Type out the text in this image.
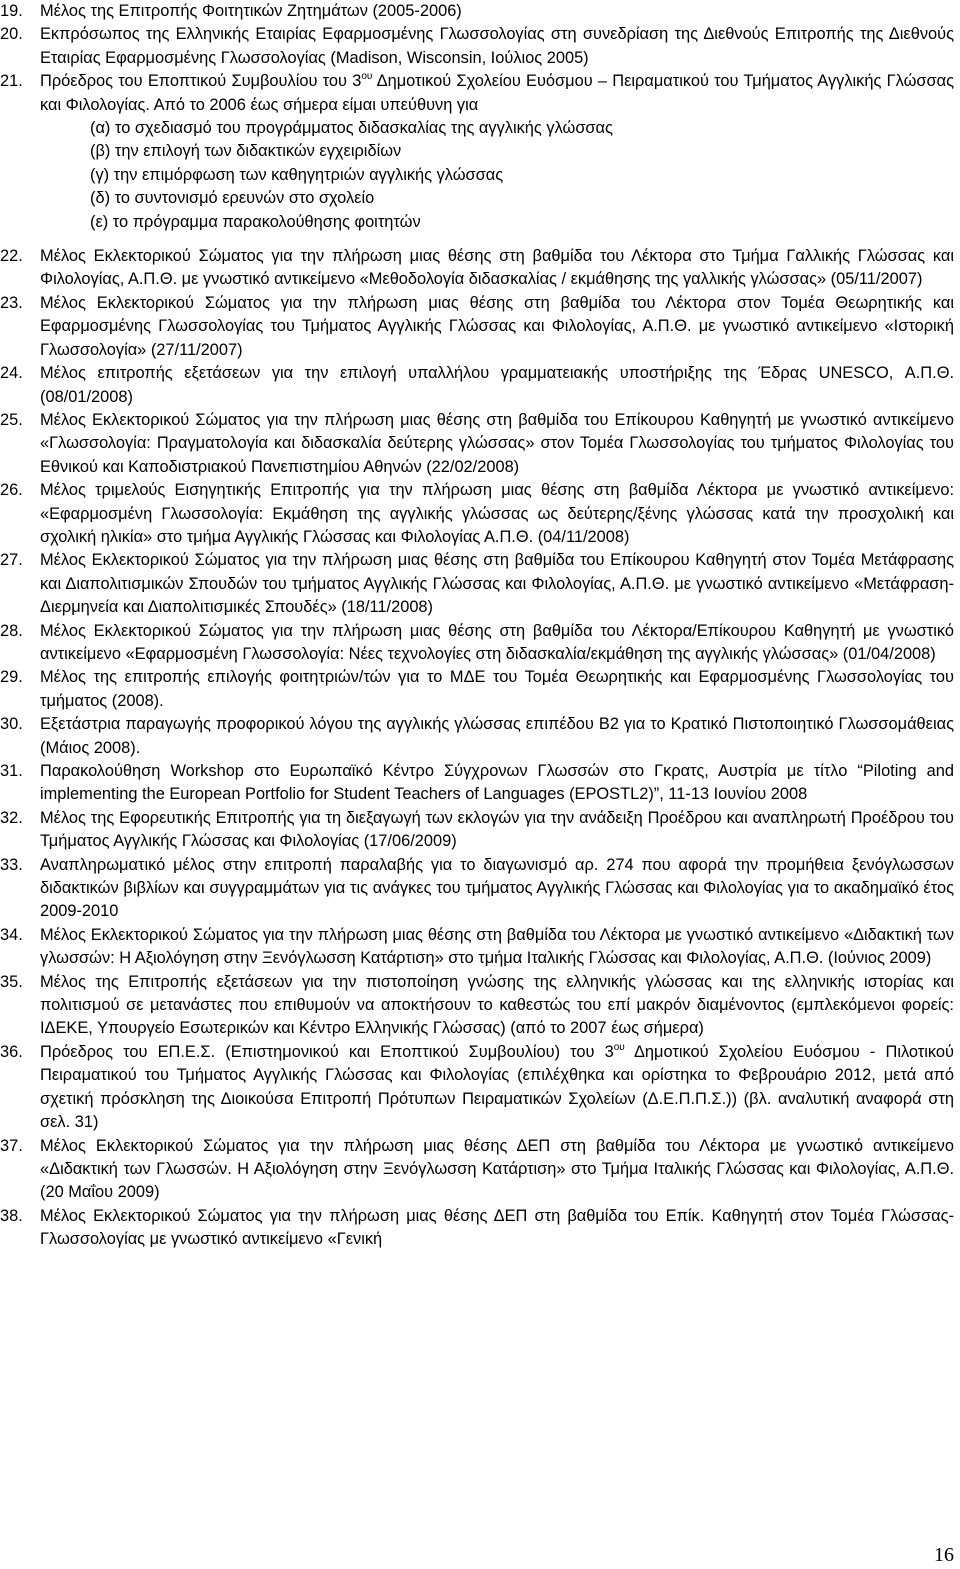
19.	Μέλος της Επιτροπής Φοιτητικών Ζητημάτων (2005-2006)
20.	Εκπρόσωπος της Ελληνικής Εταιρίας Εφαρμοσμένης Γλωσσολογίας στη συνεδρίαση της Διεθνούς Επιτροπής της Διεθνούς Εταιρίας Εφαρμοσμένης Γλωσσολογίας (Madison, Wisconsin, Ιούλιος 2005)
21.	Πρόεδρος του Εποπτικού Συμβουλίου του $3^{o\upsilon}$ Δημοτικού Σχολείου Ευόσμου – Πειραματικού του Τμήματος Αγγλικής Γλώσσας και Φιλολογίας. Από το 2006 έως σήμερα είμαι υπεύθυνη για
(α) το σχεδιασμό του προγράμματος διδασκαλίας της αγγλικής γλώσσας
(β) την επιλογή των διδακτικών εγχειριδίων
(γ) την επιμόρφωση των καθηγητριών αγγλικής γλώσσας
(δ) το συντονισμό ερευνών στο σχολείο
(ε) το πρόγραμμα παρακολούθησης φοιτητών
22.	Μέλος Εκλεκτορικού Σώματος για την πλήρωση μιας θέσης στη βαθμίδα του Λέκτορα στο Τμήμα Γαλλικής Γλώσσας και Φιλολογίας, Α.Π.Θ. με γνωστικό αντικείμενο «Μεθοδολογία διδασκαλίας / εκμάθησης της γαλλικής γλώσσας» (05/11/2007)
23.	Μέλος Εκλεκτορικού Σώματος για την πλήρωση μιας θέσης στη βαθμίδα του Λέκτορα στον Τομέα Θεωρητικής και Εφαρμοσμένης Γλωσσολογίας του Τμήματος Αγγλικής Γλώσσας και Φιλολογίας, Α.Π.Θ. με γνωστικό αντικείμενο «Ιστορική Γλωσσολογία» (27/11/2007)
24.	Μέλος επιτροπής εξετάσεων για την επιλογή υπαλλήλου γραμματειακής υποστήριξης της Έδρας UNESCO, Α.Π.Θ. (08/01/2008)
25.	Μέλος Εκλεκτορικού Σώματος για την πλήρωση μιας θέσης στη βαθμίδα του Επίκουρου Καθηγητή με γνωστικό αντικείμενο «Γλωσσολογία: Πραγματολογία και διδασκαλία δεύτερης γλώσσας» στον Τομέα Γλωσσολογίας του τμήματος Φιλολογίας του Εθνικού και Καποδιστριακού Πανεπιστημίου Αθηνών (22/02/2008)
26.	Μέλος τριμελούς Εισηγητικής Επιτροπής για την πλήρωση μιας θέσης στη βαθμίδα Λέκτορα με γνωστικό αντικείμενο: «Εφαρμοσμένη Γλωσσολογία: Εκμάθηση της αγγλικής γλώσσας ως δεύτερης/ξένης γλώσσας κατά την προσχολική και σχολική ηλικία» στο τμήμα Αγγλικής Γλώσσας και Φιλολογίας Α.Π.Θ. (04/11/2008)
27.	Μέλος Εκλεκτορικού Σώματος για την πλήρωση μιας θέσης στη βαθμίδα του Επίκουρου Καθηγητή στον Τομέα Μετάφρασης και Διαπολιτισμικών Σπουδών του τμήματος Αγγλικής Γλώσσας και Φιλολογίας, Α.Π.Θ. με γνωστικό αντικείμενο «Μετάφραση-Διερμηνεία και Διαπολιτισμικές Σπουδές» (18/11/2008)
28.	Μέλος Εκλεκτορικού Σώματος για την πλήρωση μιας θέσης στη βαθμίδα του Λέκτορα/Επίκουρου Καθηγητή με γνωστικό αντικείμενο «Εφαρμοσμένη Γλωσσολογία: Νέες τεχνολογίες στη διδασκαλία/εκμάθηση της αγγλικής γλώσσας» (01/04/2008)
29.	Μέλος της επιτροπής επιλογής φοιτητριών/τών για το ΜΔΕ του Τομέα Θεωρητικής και Εφαρμοσμένης Γλωσσολογίας του τμήματος (2008).
30.	Εξετάστρια παραγωγής προφορικού λόγου της αγγλικής γλώσσας επιπέδου Β2 για το Κρατικό Πιστοποιητικό Γλωσσομάθειας (Μάιος 2008).
31.	Παρακολούθηση Workshop στο Ευρωπαϊκό Κέντρο Σύγχρονων Γλωσσών στο Γκρατς, Αυστρία με τίτλο “Piloting and implementing the European Portfolio for Student Teachers of Languages (EPOSTL2)”, 11-13 Ιουνίου 2008
32.	Μέλος της Εφορευτικής Επιτροπής για τη διεξαγωγή των εκλογών για την ανάδειξη Προέδρου και αναπληρωτή Προέδρου του Τμήματος Αγγλικής Γλώσσας και Φιλολογίας (17/06/2009)
33.	Αναπληρωματικό μέλος στην επιτροπή παραλαβής για το διαγωνισμό αρ. 274 που αφορά την προμήθεια ξενόγλωσσων διδακτικών βιβλίων και συγγραμμάτων για τις ανάγκες του τμήματος Αγγλικής Γλώσσας και Φιλολογίας για το ακαδημαϊκό έτος 2009-2010
34.	Μέλος Εκλεκτορικού Σώματος για την πλήρωση μιας θέσης στη βαθμίδα του Λέκτορα με γνωστικό αντικείμενο «Διδακτική των γλωσσών: Η Αξιολόγηση στην Ξενόγλωσση Κατάρτιση» στο τμήμα Ιταλικής Γλώσσας και Φιλολογίας, Α.Π.Θ. (Ιούνιος 2009)
35.	Μέλος της Επιτροπής εξετάσεων για την πιστοποίηση γνώσης της ελληνικής γλώσσας και της ελληνικής ιστορίας και πολιτισμού σε μετανάστες που επιθυμούν να αποκτήσουν το καθεστώς του επί μακρόν διαμένοντος (εμπλεκόμενοι φορείς: ΙΔΕΚΕ, Υπουργείο Εσωτερικών και Κέντρο Ελληνικής Γλώσσας) (από το 2007 έως σήμερα)
36.	Πρόεδρος του ΕΠ.Ε.Σ. (Επιστημονικού και Εποπτικού Συμβουλίου) του $3^{o\upsilon}$ Δημοτικού Σχολείου Ευόσμου - Πιλοτικού Πειραματικού του Τμήματος Αγγλικής Γλώσσας και Φιλολογίας (επιλέχθηκα και ορίστηκα το Φεβρουάριο 2012, μετά από σχετική πρόσκληση της Διοικούσα Επιτροπή Πρότυπων Πειραματικών Σχολείων (Δ.Ε.Π.Π.Σ.)) (βλ. αναλυτική αναφορά στη σελ. 31)
37.	Μέλος Εκλεκτορικού Σώματος για την πλήρωση μιας θέσης ΔΕΠ στη βαθμίδα του Λέκτορα με γνωστικό αντικείμενο «Διδακτική των Γλωσσών. Η Αξιολόγηση στην Ξενόγλωσση Κατάρτιση» στο Τμήμα Ιταλικής Γλώσσας και Φιλολογίας, Α.Π.Θ. (20 Μαΐου 2009)
38.	Μέλος Εκλεκτορικού Σώματος για την πλήρωση μιας θέσης ΔΕΠ στη βαθμίδα του Επίκ. Καθηγητή στον Τομέα Γλώσσας-Γλωσσολογίας με γνωστικό αντικείμενο «Γενική
16
